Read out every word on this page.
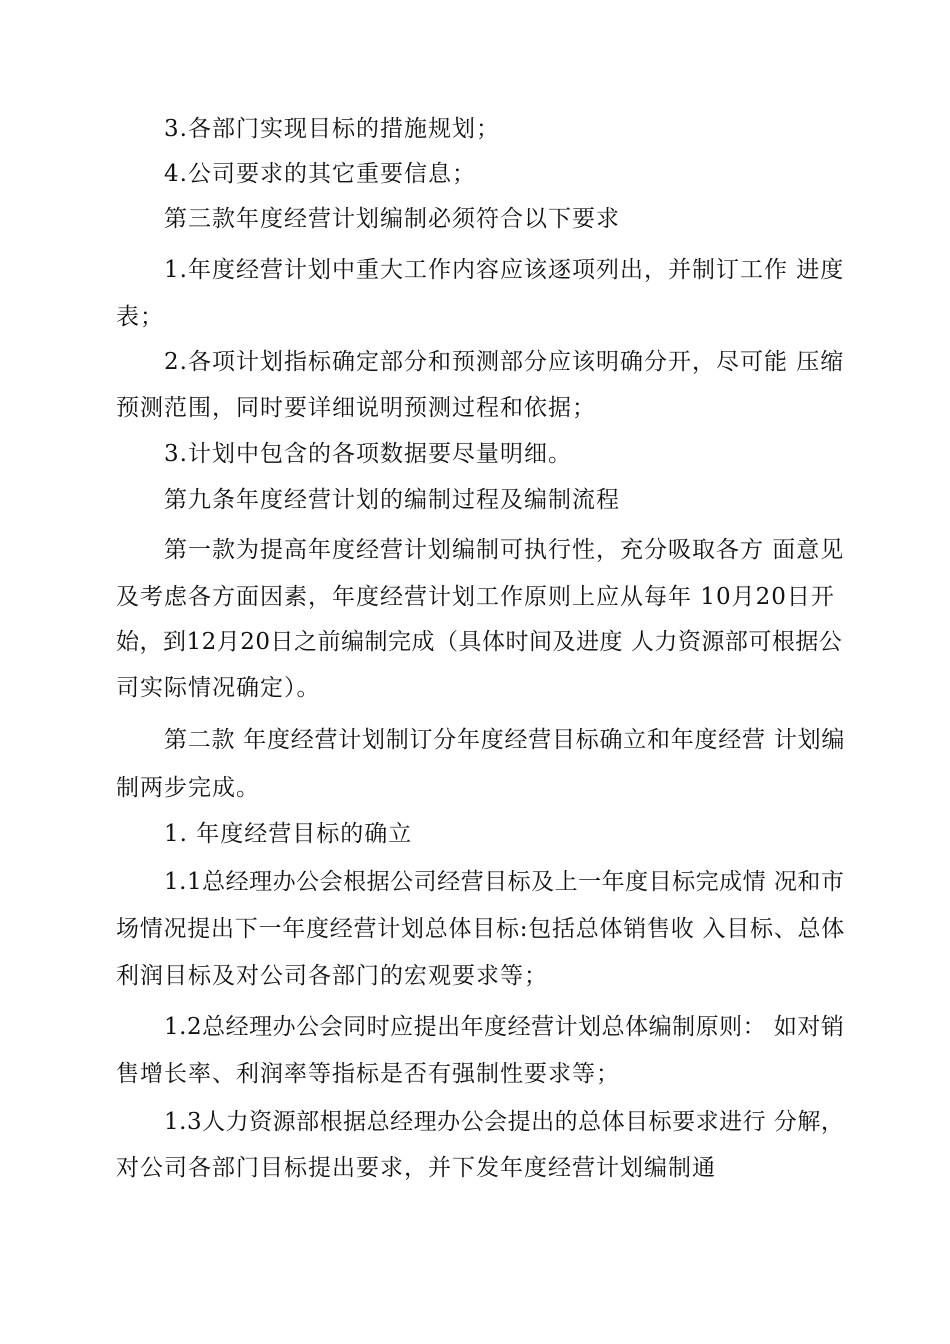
3.各部门实现目标的措施规划；
4.公司要求的其它重要信息；
第三款年度经营计划编制必须符合以下要求
1.年度经营计划中重大工作内容应该逐项列出，并制订工作 进度
表；
2.各项计划指标确定部分和预测部分应该明确分开，尽可能 压缩
预测范围，同时要详细说明预测过程和依据；
3.计划中包含的各项数据要尽量明细。
第九条年度经营计划的编制过程及编制流程
第一款为提高年度经营计划编制可执行性，充分吸取各方 面意见
及考虑各方面因素，年度经营计划工作原则上应从每年 10月20日开
始，到12月20日之前编制完成（具体时间及进度 人力资源部可根据公
司实际情况确定）。
第二款 年度经营计划制订分年度经营目标确立和年度经营 计划编
制两步完成。
1. 年度经营目标的确立
1.1总经理办公会根据公司经营目标及上一年度目标完成情 况和市
场情况提出下一年度经营计划总体目标:包括总体销售收 入目标、总体
利润目标及对公司各部门的宏观要求等；
1.2总经理办公会同时应提出年度经营计划总体编制原则： 如对销
售增长率、利润率等指标是否有强制性要求等；
1.3人力资源部根据总经理办公会提出的总体目标要求进行 分解，
对公司各部门目标提出要求，并下发年度经营计划编制通
